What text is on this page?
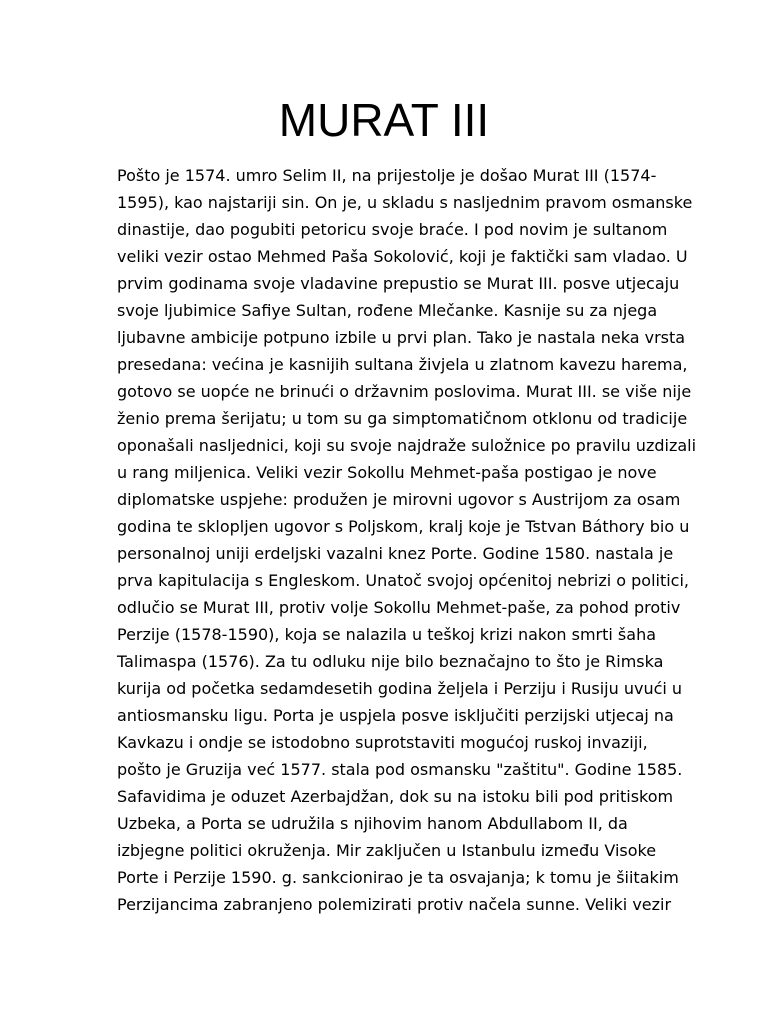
MURAT III
Pošto je 1574. umro Selim II, na prijestolje je došao Murat III (1574-
1595), kao najstariji sin. On je, u skladu s nasljednim pravom osmanske
dinastije, dao pogubiti petoricu svoje braće. I pod novim je sultanom
veliki vezir ostao Mehmed Paša Sokolović, koji je faktički sam vladao. U
prvim godinama svoje vladavine prepustio se Murat III. posve utjecaju
svoje ljubimice Safiye Sultan, rođene Mlečanke. Kasnije su za njega
ljubavne ambicije potpuno izbile u prvi plan. Tako je nastala neka vrsta
presedana: većina je kasnijih sultana živjela u zlatnom kavezu harema,
gotovo se uopće ne brinući o državnim poslovima. Murat III. se više nije
ženio prema šerijatu; u tom su ga simptomatičnom otklonu od tradicije
oponašali nasljednici, koji su svoje najdraže suložnice po pravilu uzdizali
u rang miljenica. Veliki vezir Sokollu Mehmet-paša postigao je nove
diplomatske uspjehe: produžen je mirovni ugovor s Austrijom za osam
godina te sklopljen ugovor s Poljskom, kralj koje je Tstvan Báthory bio u
personalnoj uniji erdeljski vazalni knez Porte. Godine 1580. nastala je
prva kapitulacija s Engleskom. Unatoč svojoj općenitoj nebrizi o politici,
odlučio se Murat III, protiv volje Sokollu Mehmet-paše, za pohod protiv
Perzije (1578-1590), koja se nalazila u teškoj krizi nakon smrti šaha
Talimaspa (1576). Za tu odluku nije bilo beznačajno to što je Rimska
kurija od početka sedamdesetih godina željela i Perziju i Rusiju uvući u
antiosmansku ligu. Porta je uspjela posve isključiti perzijski utjecaj na
Kavkazu i ondje se istodobno suprotstaviti mogućoj ruskoj invaziji,
pošto je Gruzija već 1577. stala pod osmansku "zaštitu". Godine 1585.
Safavidima je oduzet Azerbajdžan, dok su na istoku bili pod pritiskom
Uzbeka, a Porta se udružila s njihovim hanom Abdullabom II, da
izbjegne politici okruženja. Mir zaključen u Istanbulu između Visoke
Porte i Perzije 1590. g. sankcionirao je ta osvajanja; k tomu je šiitakim
Perzijancima zabranjeno polemizirati protiv načela sunne. Veliki vezir
